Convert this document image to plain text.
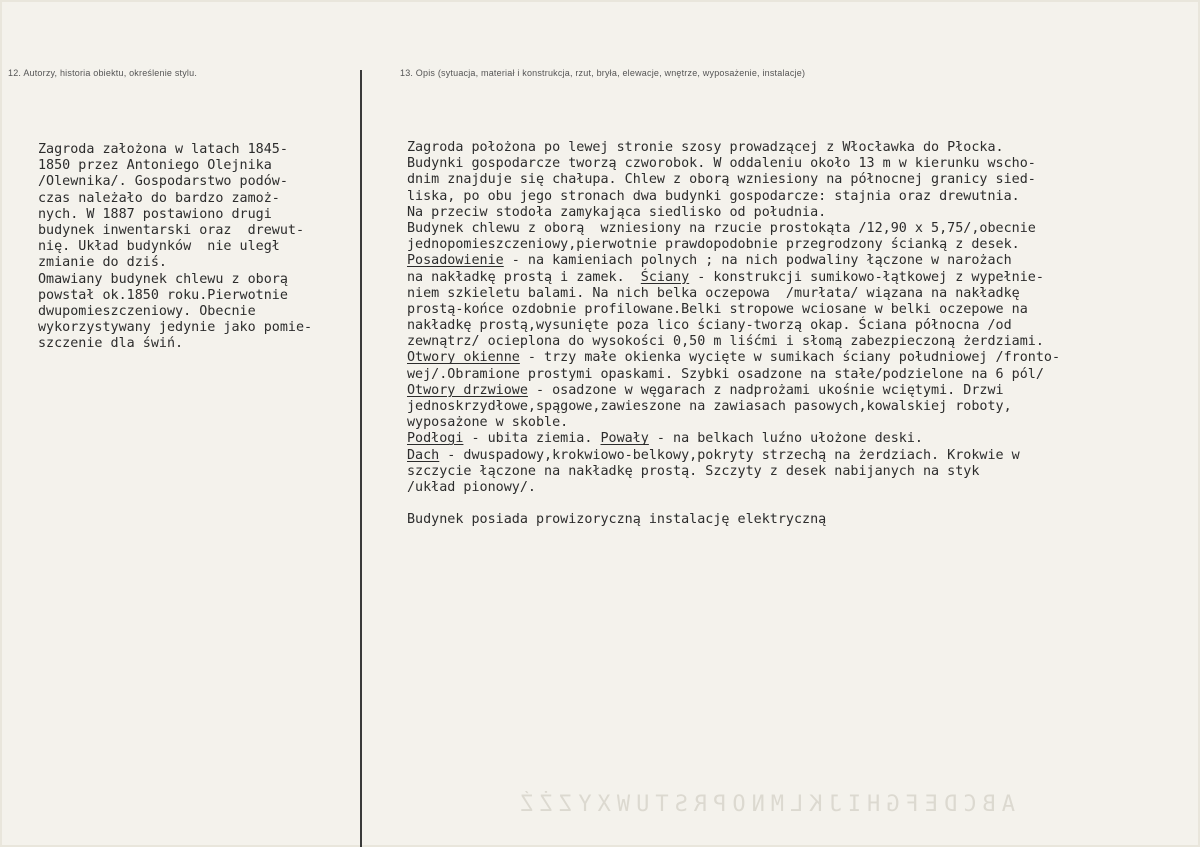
12. Autorzy, historia obiektu, określenie stylu.	13. Opis (sytuacja, materiał i konstrukcja, rzut, bryła, elewacje, wnętrze, wyposażenie, instalacje)
Zagroda założona w latach 1845-
1850 przez Antoniego Olejnika
/Olewnika/. Gospodarstwo podów-
czas należało do bardzo zamoż-
nych. W 1887 postawiono drugi
budynek inwentarski oraz  drewut-
nię. Układ budynków  nie uległ
zmianie do dziś.
Omawiany budynek chlewu z oborą
powstał ok.1850 roku.Pierwotnie
dwupomieszczeniowy. Obecnie
wykorzystywany jedynie jako pomie-
szczenie dla świń.
Zagroda położona po lewej stronie szosy prowadzącej z Włocławka do Płocka.
Budynki gospodarcze tworzą czworobok. W oddaleniu około 13 m w kierunku wscho-
dnim znajduje się chałupa. Chlew z oborą wzniesiony na północnej granicy sied-
liska, po obu jego stronach dwa budynki gospodarcze: stajnia oraz drewutnia.
Na przeciw stodoła zamykająca siedlisko od południa.
Budynek chlewu z oborą  wzniesiony na rzucie prostokąta /12,90 x 5,75/,obecnie
jednopomieszczeniowy,pierwotnie prawdopodobnie przegrodzony ścianką z desek.
Posadowienie - na kamieniach polnych ; na nich podwaliny łączone w narożach
na nakładkę prostą i zamek.  Ściany - konstrukcji sumikowo-łątkowej z wypełnie-
niem szkieletu balami. Na nich belka oczepowa  /murłata/ wiązana na nakładkę
prostą-końce ozdobnie profilowane.Belki stropowe wciosane w belki oczepowe na
nakładkę prostą,wysunięte poza lico ściany-tworzą okap. Ściana północna /od
zewnątrz/ ocieplona do wysokości 0,50 m liśćmi i słomą zabezpieczoną żerdziami.
Otwory okienne - trzy małe okienka wycięte w sumikach ściany południowej /fronto-
wej/.Obramione prostymi opaskami. Szybki osadzone na stałe/podzielone na 6 pól/
Otwory drzwiowe - osadzone w węgarach z nadprożami ukośnie wciętymi. Drzwi
jednoskrzydłowe,spągowe,zawieszone na zawiasach pasowych,kowalskiej roboty,
wyposażone w skoble.
Podłogi - ubita ziemia. Powały - na belkach luźno ułożone deski.
Dach - dwuspadowy,krokwiowo-belkowy,pokryty strzechą na żerdziach. Krokwie w
szczycie łączone na nakładkę prostą. Szczyty z desek nabijanych na styk
/układ pionowy/.
Budynek posiada prowizoryczną instalację elektryczną
ABCDEFGHIJKLMNOPRSTUWXYZŻŹ
